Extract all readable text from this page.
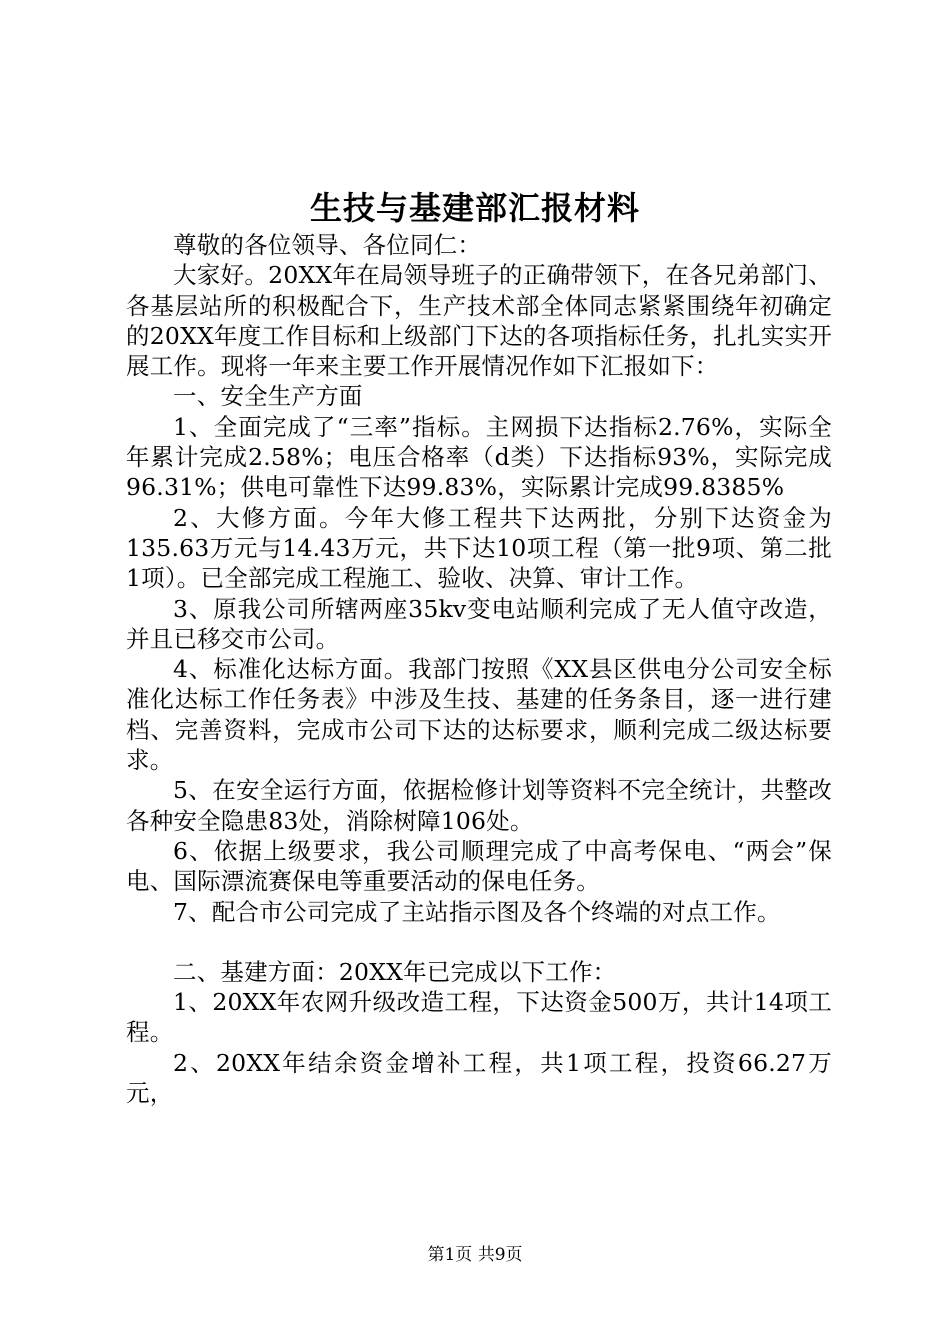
生技与基建部汇报材料

尊敬的各位领导、各位同仁：

大家好。20XX年在局领导班子的正确带领下，在各兄弟部门、各基层站所的积极配合下，生产技术部全体同志紧紧围绕年初确定的20XX年度工作目标和上级部门下达的各项指标任务，扎扎实实开展工作。现将一年来主要工作开展情况作如下汇报如下：

一、安全生产方面

1、全面完成了“三率”指标。主网损下达指标2.76%，实际全年累计完成2.58%；电压合格率（d类）下达指标93%，实际完成96.31%；供电可靠性下达99.83%，实际累计完成99.8385%

2、大修方面。今年大修工程共下达两批，分别下达资金为135.63万元与14.43万元，共下达10项工程（第一批9项、第二批1项）。已全部完成工程施工、验收、决算、审计工作。

3、原我公司所辖两座35kv变电站顺利完成了无人值守改造，并且已移交市公司。

4、标准化达标方面。我部门按照《XX县区供电分公司安全标准化达标工作任务表》中涉及生技、基建的任务条目，逐一进行建档、完善资料，完成市公司下达的达标要求，顺利完成二级达标要求。

5、在安全运行方面，依据检修计划等资料不完全统计，共整改各种安全隐患83处，消除树障106处。

6、依据上级要求，我公司顺理完成了中高考保电、“两会”保电、国际漂流赛保电等重要活动的保电任务。

7、配合市公司完成了主站指示图及各个终端的对点工作。

二、基建方面：20XX年已完成以下工作：

1、20XX年农网升级改造工程，下达资金500万，共计14项工程。

2、20XX年结余资金增补工程，共1项工程，投资66.27万元，

第1页 共9页
